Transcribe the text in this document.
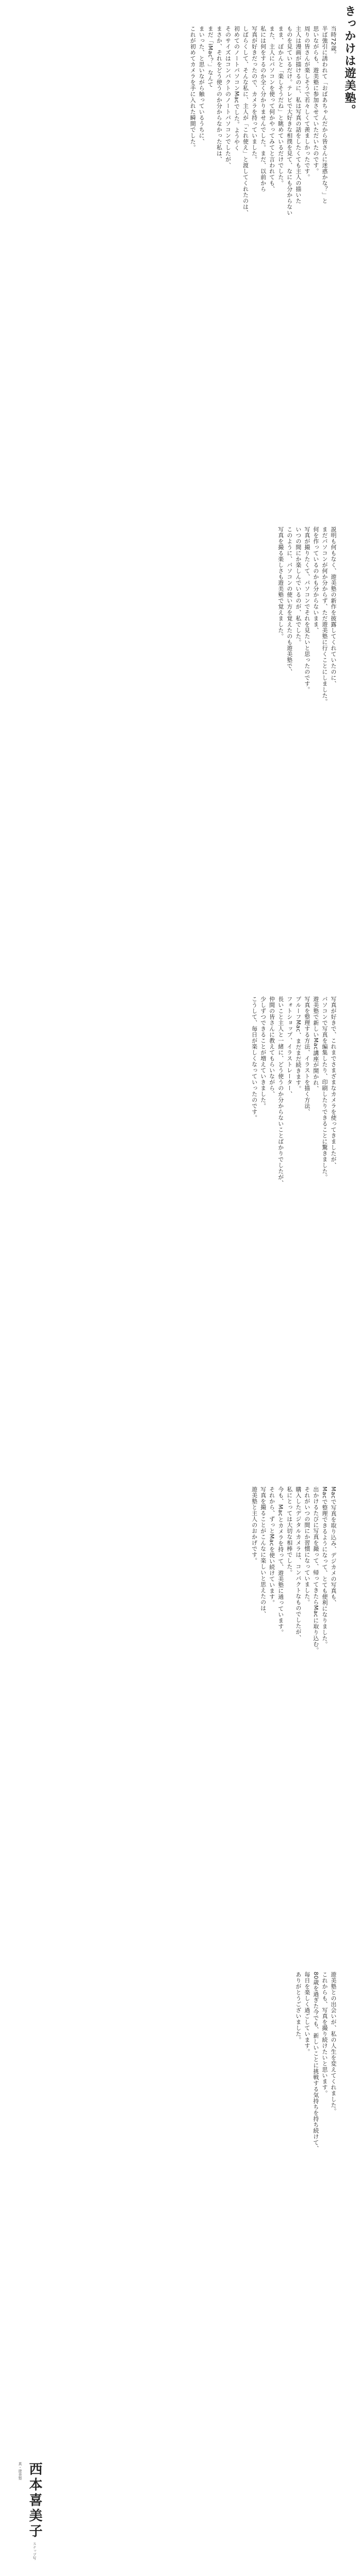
きっかけは遊美塾。

当時72歳。
半ば強引に誘われて「おばあちゃんだから皆さんに迷惑かな？」と
思いながらも、遊美塾に参加させていただいたのです。
周りの皆さんが楽しそうで若々しくて羨ましかったです。
主人は漫画が描けるのに、私は写真の話をしたくても主人の描いた
ものを見ているだけ。テレビで大好きな相撲を見て、なにも分からない
まま、ぽかんと「楽しそうだね」と眺めているだけでした。
また、主人にパソコンを使って何かやってみてと言われても、
私には何をするのか全く分かりませんでした。まだ、以前から
写真が好きだったので、カメラを持っていました。
しばらくして、そんな私に、主人が「これ使え」と渡してくれたのは、
初めてのノートパソコンMacでした。ようやく
そのサイズはコンパクトのノートパソコンでしたが、
まさか、それをどう使うのか分からなかった私は、
まだ「iMac？」なんて
まいった、と思いながら触っているうちに、
これが初めてカメラを手に入れた瞬間でした。

説明も何もなく、遊美塾の新作を披露してくれていたのに、
まだパソコンが何か分からず、ただ遊美塾に行くことにしました。
何を作っているのかも分からないまま、
写真が撮りたくて、パソコンでそれを見たいと思ったのです。
いつの間にか楽しんでいるのが、私でした。
このように、パソコンの使い方を覚えたのも遊美塾で、
写真を撮る楽しさも遊美塾で覚えました。

写真が好きで、これまでさまざまなカメラを使ってきましたが、
パソコンで写真を編集したり、印刷したりできることに驚きました。
遊美塾で新しいMac講座が開かれ、
写真を整理する方法、イラストを描く方法、
プルーフMac、まだまだ続きます。
フォトショップ、イラストレーター、
長いこと主人と一緒に、どう使うのか分からないことばかりでしたが、
仲間の皆さんに教えてもらいながら、
少しずつできることが増えていきました。
こうして、毎日が楽しくなっていったのです。

Macで写真を取り込み、デジカメの写真も、
Macで整理できるようになって、とても便利になりました。
出かけるたびに写真を撮って、帰ってきたらMacに取り込む。
それがいつの間にか習慣になっていました。
購入したデジタルカメラは、コンパクトなものでしたが、
私にとっては大切な相棒でした。
今も、Macとカメラを持って、遊美塾に通っています。
それから、ずっとMacを使い続けています。
写真を撮ることがこんなに楽しいと思えたのは、
遊美塾と主人のおかげです。

遊美塾との出会いが、私の人生を変えてくれました。
これからも、写真を撮り続けたいと思います。
80歳を過ぎた今でも、新しいことに挑戦する気持ちを持ち続けて、
毎日を楽しく過ごしています。
ありがとうございました。

西本喜美子 スナップ写真・遊美塾
